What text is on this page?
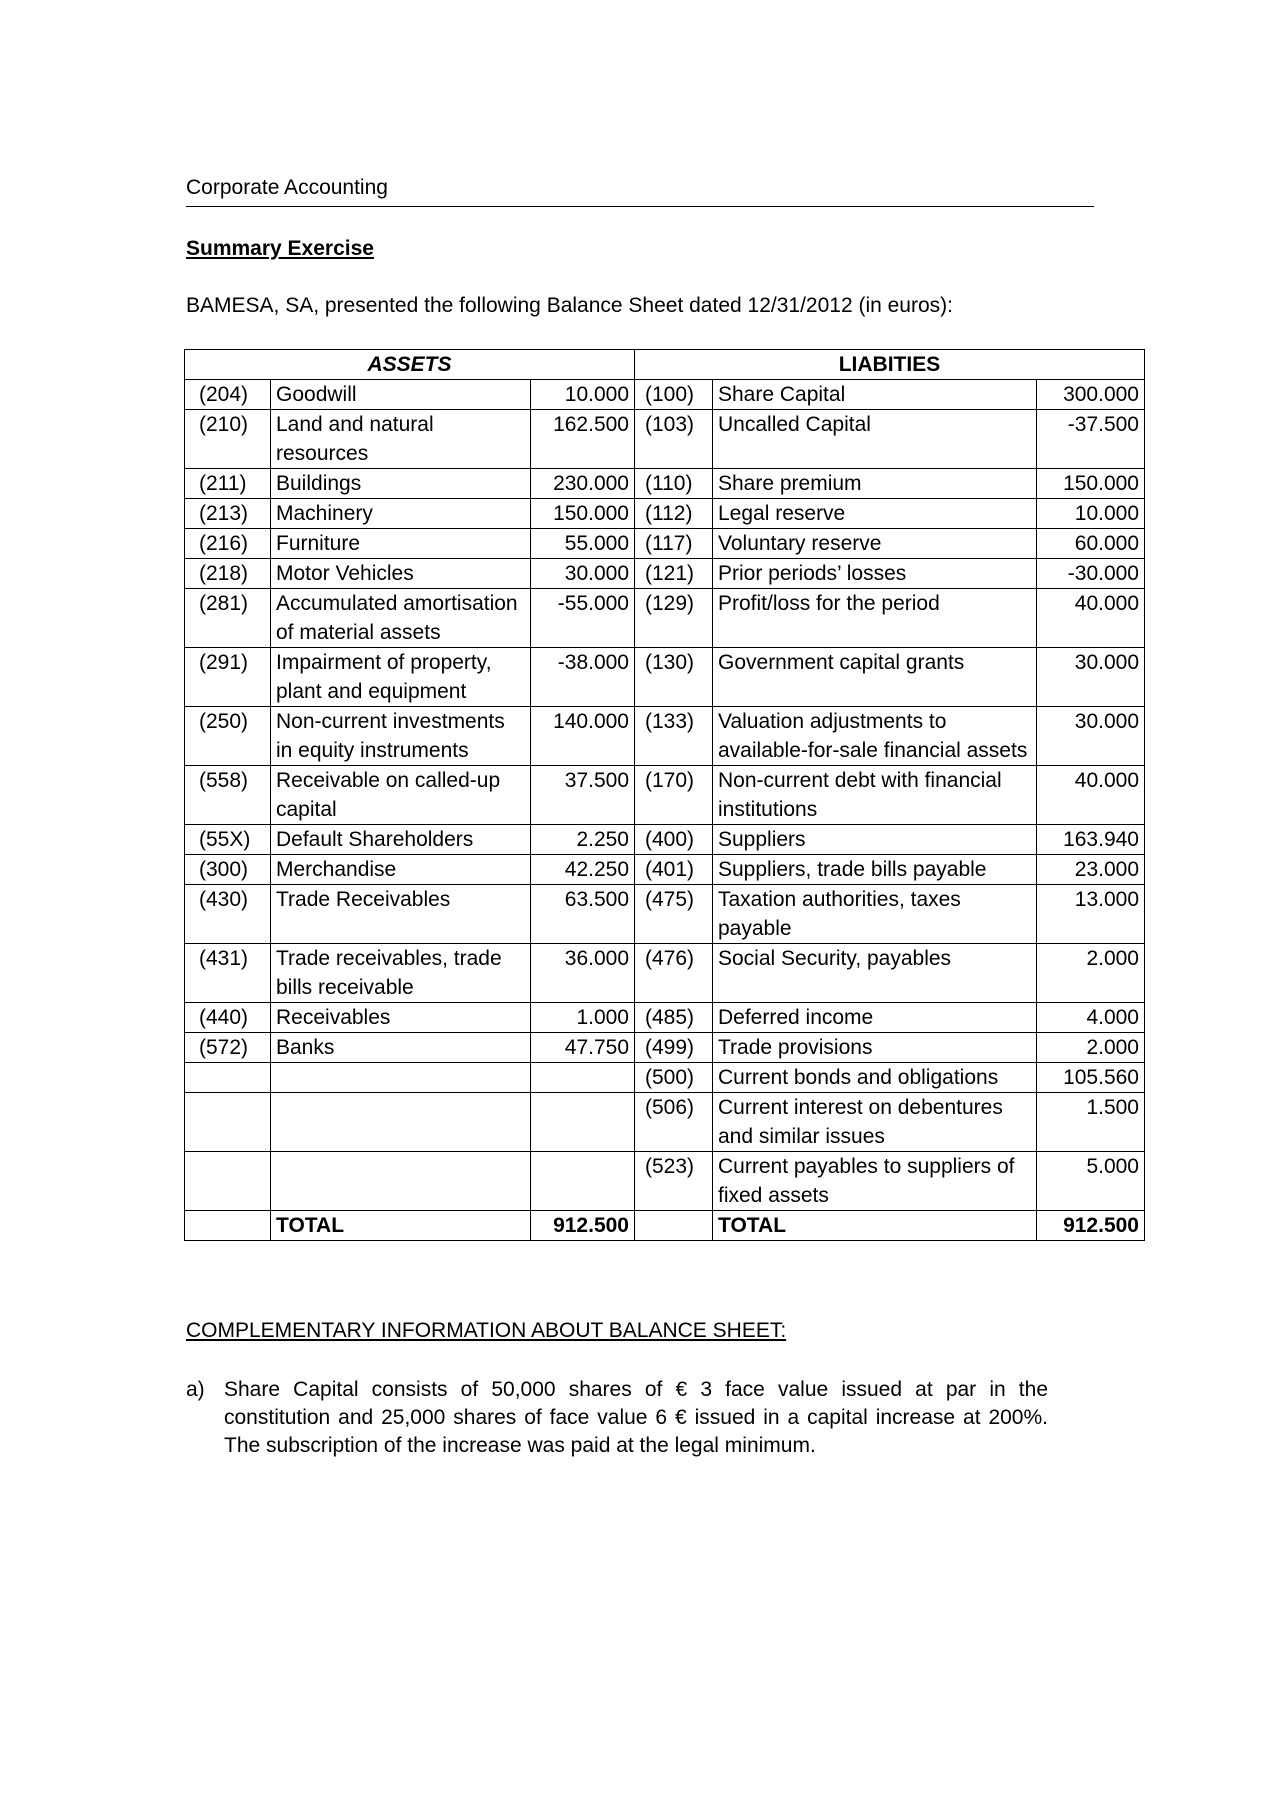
Corporate Accounting
Summary Exercise
BAMESA, SA, presented the following Balance Sheet dated 12/31/2012 (in euros):
ASSETS			LIABITIES		
(204)	Goodwill	10.000	(100)	Share Capital	300.000
(210)	Land and natural resources	162.500	(103)	Uncalled Capital	-37.500
(211)	Buildings	230.000	(110)	Share premium	150.000
(213)	Machinery	150.000	(112)	Legal reserve	10.000
(216)	Furniture	55.000	(117)	Voluntary reserve	60.000
(218)	Motor Vehicles	30.000	(121)	Prior periods’ losses	-30.000
(281)	Accumulated amortisation of material assets	-55.000	(129)	Profit/loss for the period	40.000
(291)	Impairment of property, plant and equipment	-38.000	(130)	Government capital grants	30.000
(250)	Non-current investments in equity instruments	140.000	(133)	Valuation adjustments to available-for-sale financial assets	30.000
(558)	Receivable on called-up capital	37.500	(170)	Non-current debt with financial institutions	40.000
(55X)	Default Shareholders	2.250	(400)	Suppliers	163.940
(300)	Merchandise	42.250	(401)	Suppliers, trade bills payable	23.000
(430)	Trade Receivables	63.500	(475)	Taxation authorities, taxes payable	13.000
(431)	Trade receivables, trade bills receivable	36.000	(476)	Social Security, payables	2.000
(440)	Receivables	1.000	(485)	Deferred income	4.000
(572)	Banks	47.750	(499)	Trade provisions	2.000
			(500)	Current bonds and obligations	105.560
			(506)	Current interest on debentures and similar issues	1.500
			(523)	Current payables to suppliers of fixed assets	5.000
	TOTAL	912.500		TOTAL	912.500
COMPLEMENTARY INFORMATION ABOUT BALANCE SHEET:
a) Share Capital consists of 50,000 shares of € 3 face value issued at par in the constitution and 25,000 shares of face value 6 € issued in a capital increase at 200%. The subscription of the increase was paid at the legal minimum.
